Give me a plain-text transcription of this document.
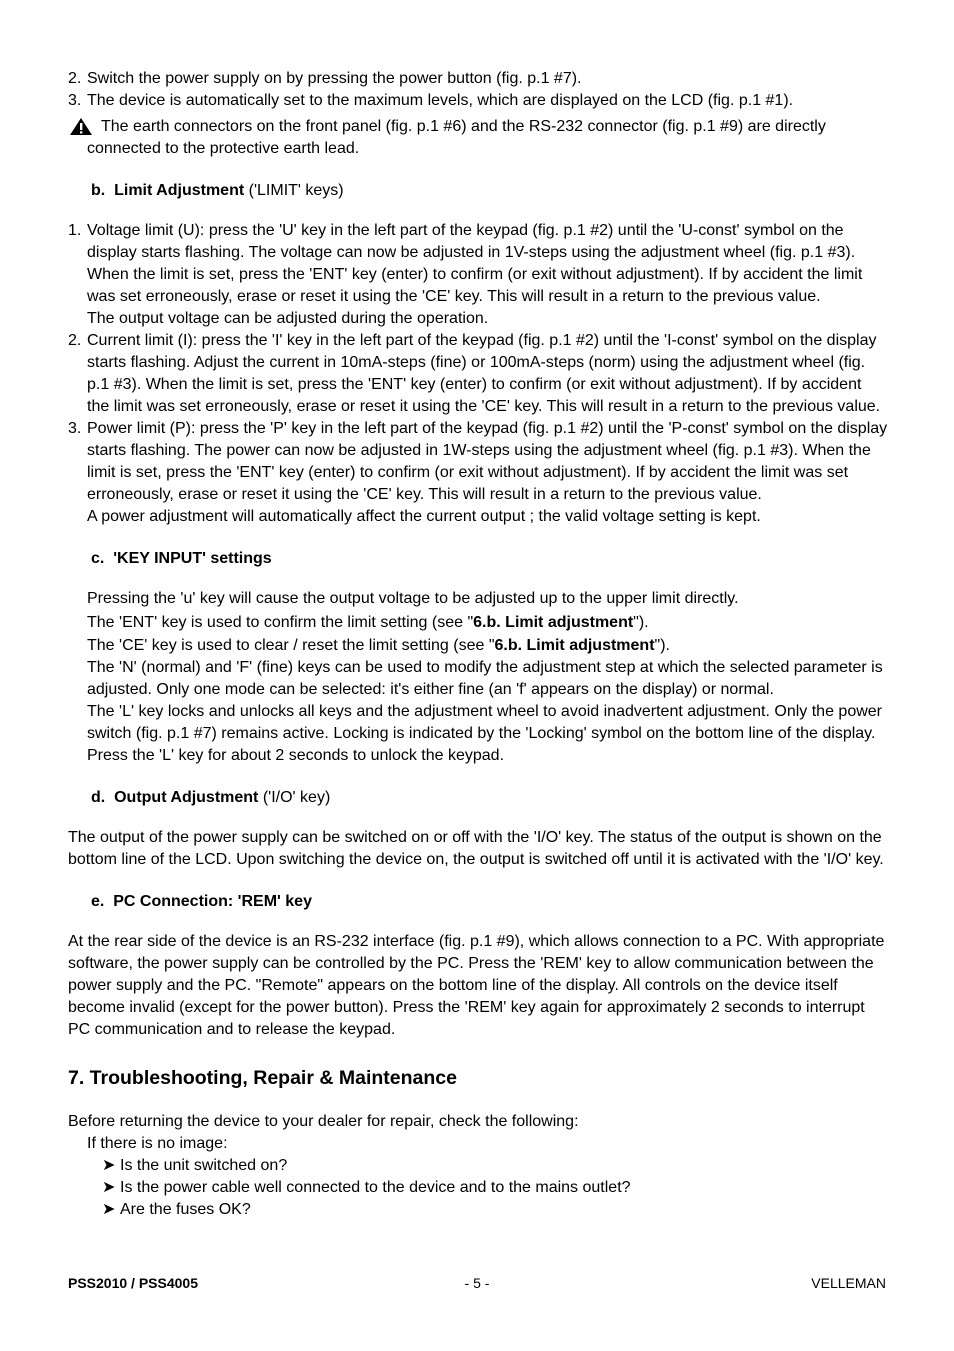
2. Switch the power supply on by pressing the power button (fig. p.1 #7).
3. The device is automatically set to the maximum levels, which are displayed on the LCD (fig. p.1 #1).
The earth connectors on the front panel (fig. p.1 #6) and the RS-232 connector (fig. p.1 #9) are directly connected to the protective earth lead.
b. Limit Adjustment ('LIMIT' keys)
1. Voltage limit (U): press the 'U' key in the left part of the keypad (fig. p.1 #2) until the 'U-const' symbol on the display starts flashing. The voltage can now be adjusted in 1V-steps using the adjustment wheel (fig. p.1 #3). When the limit is set, press the 'ENT' key (enter) to confirm (or exit without adjustment). If by accident the limit was set erroneously, erase or reset it using the 'CE' key. This will result in a return to the previous value.
The output voltage can be adjusted during the operation.
2. Current limit (I): press the 'I' key in the left part of the keypad (fig. p.1 #2) until the 'I-const' symbol on the display starts flashing. Adjust the current in 10mA-steps (fine) or 100mA-steps (norm) using the adjustment wheel (fig. p.1 #3). When the limit is set, press the 'ENT' key (enter) to confirm (or exit without adjustment). If by accident the limit was set erroneously, erase or reset it using the 'CE' key. This will result in a return to the previous value.
3. Power limit (P): press the 'P' key in the left part of the keypad (fig. p.1 #2) until the 'P-const' symbol on the display starts flashing. The power can now be adjusted in 1W-steps using the adjustment wheel (fig. p.1 #3). When the limit is set, press the 'ENT' key (enter) to confirm (or exit without adjustment). If by accident the limit was set erroneously, erase or reset it using the 'CE' key. This will result in a return to the previous value.
A power adjustment will automatically affect the current output ; the valid voltage setting is kept.
c. 'KEY INPUT' settings
Pressing the 'u' key will cause the output voltage to be adjusted up to the upper limit directly.
The 'ENT' key is used to confirm the limit setting (see "6.b. Limit adjustment").
The 'CE' key is used to clear / reset the limit setting (see "6.b. Limit adjustment").
The 'N' (normal) and 'F' (fine) keys can be used to modify the adjustment step at which the selected parameter is adjusted. Only one mode can be selected: it's either fine (an 'f' appears on the display) or normal.
The 'L' key locks and unlocks all keys and the adjustment wheel to avoid inadvertent adjustment. Only the power switch (fig. p.1 #7) remains active. Locking is indicated by the 'Locking' symbol on the bottom line of the display. Press the 'L' key for about 2 seconds to unlock the keypad.
d. Output Adjustment ('I/O' key)
The output of the power supply can be switched on or off with the 'I/O' key. The status of the output is shown on the bottom line of the LCD. Upon switching the device on, the output is switched off until it is activated with the 'I/O' key.
e. PC Connection: 'REM' key
At the rear side of the device is an RS-232 interface (fig. p.1 #9), which allows connection to a PC. With appropriate software, the power supply can be controlled by the PC. Press the 'REM' key to allow communication between the power supply and the PC. "Remote" appears on the bottom line of the display. All controls on the device itself become invalid (except for the power button). Press the 'REM' key again for approximately 2 seconds to interrupt PC communication and to release the keypad.
7. Troubleshooting, Repair & Maintenance
Before returning the device to your dealer for repair, check the following:
If there is no image:
➤ Is the unit switched on?
➤ Is the power cable well connected to the device and to the mains outlet?
➤ Are the fuses OK?
PSS2010 / PSS4005	- 5 -	VELLEMAN
